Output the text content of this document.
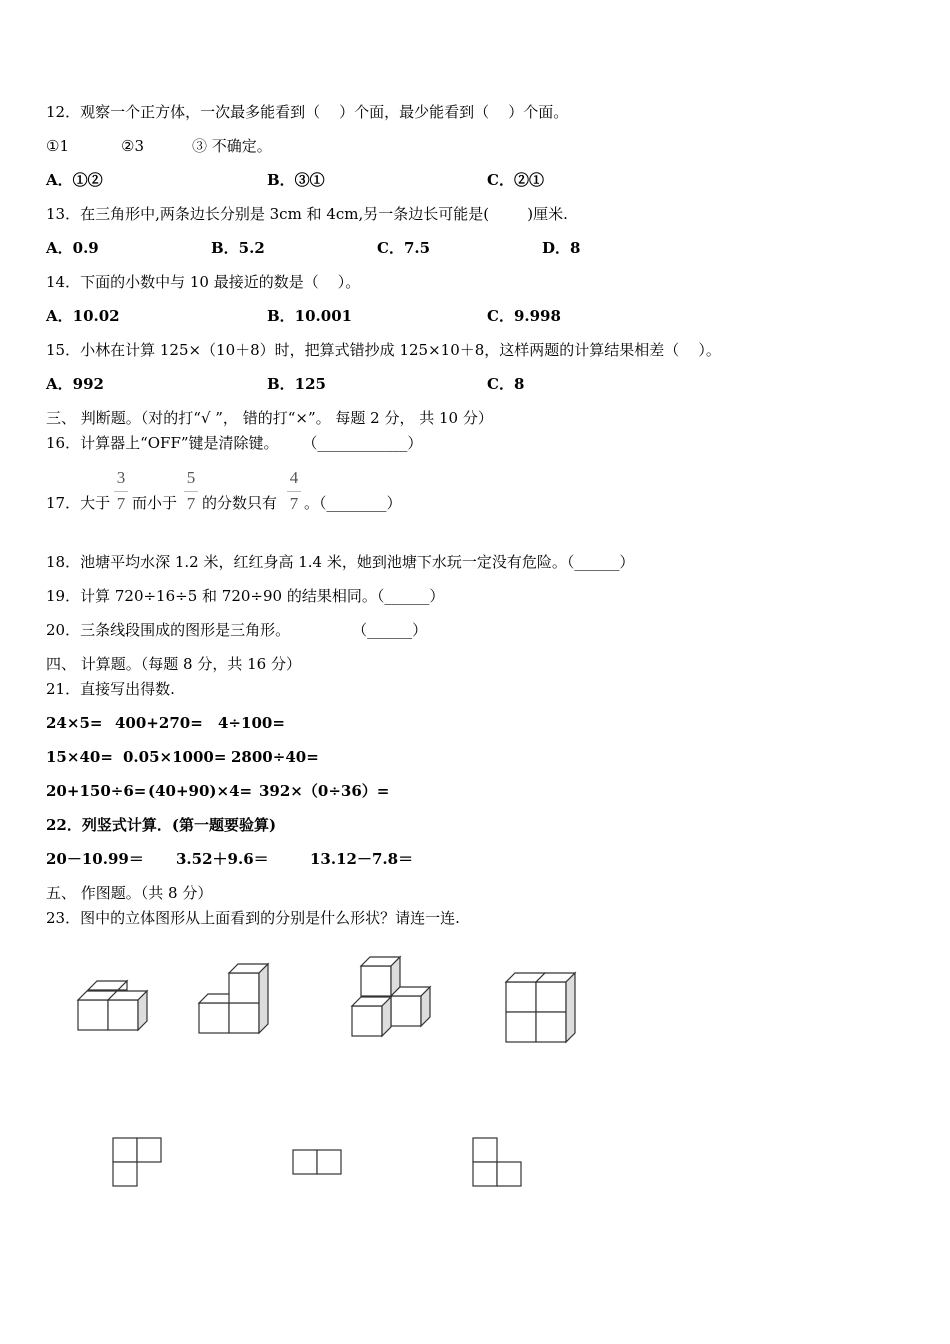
12．观察一个正方体，一次最多能看到（    ）个面，最少能看到（    ）个面。
①1	②3	③ 不确定。
A．①②	B．③①	C．②①
13．在三角形中,两条边长分别是 3cm 和 4cm,另一条边长可能是(        )厘米.
A．0.9	B．5.2	C．7.5	D．8
14．下面的小数中与 10 最接近的数是（    ）。
A．10.02	B．10.001	C．9.998
15．小林在计算 125×（10＋8）时，把算式错抄成 125×10＋8，这样两题的计算结果相差（    ）。
A．992	B．125	C．8
三、 判断题。（对的打“√ ”， 错的打“×”。 每题 2 分， 共 10 分）
16．计算器上“OFF”键是清除键。     （____________）
17．大于
3
7 而小于
5
7 的分数只有
4
7 。（________）
18．池塘平均水深 1.2 米，红红身高 1.4 米，她到池塘下水玩一定没有危险。（______）
19．计算 720÷16÷5 和 720÷90 的结果相同。（______）
20．三条线段围成的图形是三角形。             （______）
四、 计算题。（每题 8 分，共 16 分）
21．直接写出得数.
24×5= 400+270= 4÷100=
15×40= 0.05×1000= 2800÷40=
20+150÷6= (40+90)×4= 392×（0÷36）=
22．列竖式计算．(第一题要验算)
20－10.99＝ 3.52＋9.6＝	13.12－7.8＝
五、 作图题。（共 8 分）
23．图中的立体图形从上面看到的分别是什么形状？请连一连.
